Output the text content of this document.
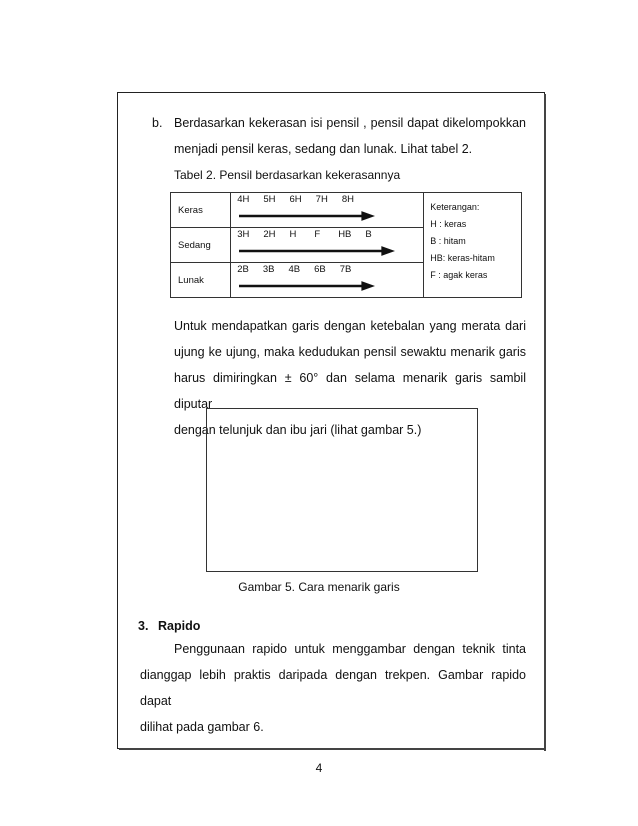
b. Berdasarkan kekerasan isi pensil , pensil dapat dikelompokkan
menjadi pensil keras, sedang dan lunak. Lihat tabel 2.
Tabel 2. Pensil berdasarkan kekerasannya
Keras	4H 5H 6H 7H 8H	Keterangan:
H : keras
B : hitam
HB: keras-hitam
F : agak keras

Sedang	3H 2H H F HB B	

Lunak	2B 3B 4B 6B 7B	
Untuk mendapatkan garis dengan ketebalan yang merata dari
ujung ke ujung, maka kedudukan pensil sewaktu menarik garis
harus dimiringkan ± 60° dan selama menarik garis sambil diputar
dengan telunjuk dan ibu jari (lihat gambar 5.)
Gambar 5. Cara menarik garis
3. Rapido
Penggunaan rapido untuk menggambar dengan teknik tinta
dianggap lebih praktis daripada dengan trekpen. Gambar rapido dapat
dilihat pada gambar 6.
4
